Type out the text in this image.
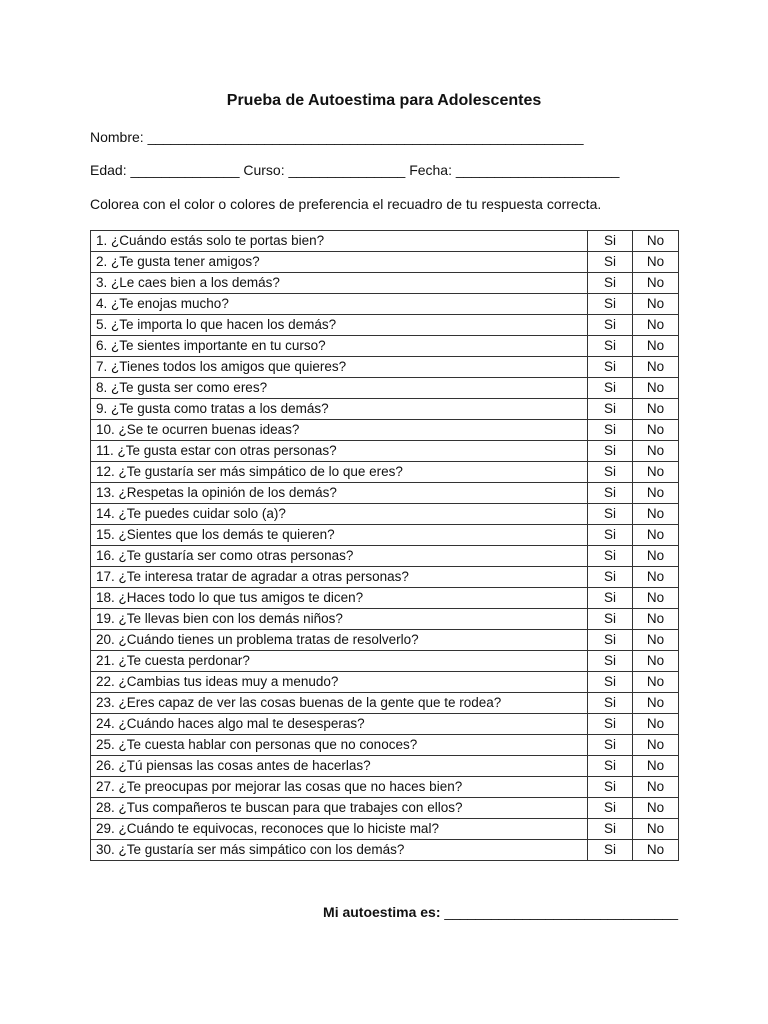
Prueba de Autoestima para Adolescentes
Nombre: ________________________________________________________
Edad: ______________ Curso: _______________ Fecha: _____________________
Colorea con el color o colores de preferencia el recuadro de tu respuesta correcta.
1. ¿Cuándo estás solo te portas bien?	Si	No
2. ¿Te gusta tener amigos?	Si	No
3. ¿Le caes bien a los demás?	Si	No
4. ¿Te enojas mucho?	Si	No
5. ¿Te importa lo que hacen los demás?	Si	No
6. ¿Te sientes importante en tu curso?	Si	No
7. ¿Tienes todos los amigos que quieres?	Si	No
8. ¿Te gusta ser como eres?	Si	No
9. ¿Te gusta como tratas a los demás?	Si	No
10. ¿Se te ocurren buenas ideas?	Si	No
11. ¿Te gusta estar con otras personas?	Si	No
12. ¿Te gustaría ser más simpático de lo que eres?	Si	No
13. ¿Respetas la opinión de los demás?	Si	No
14. ¿Te puedes cuidar solo (a)?	Si	No
15. ¿Sientes que los demás te quieren?	Si	No
16. ¿Te gustaría ser como otras personas?	Si	No
17. ¿Te interesa tratar de agradar a otras personas?	Si	No
18. ¿Haces todo lo que tus amigos te dicen?	Si	No
19. ¿Te llevas bien con los demás niños?	Si	No
20. ¿Cuándo tienes un problema tratas de resolverlo?	Si	No
21. ¿Te cuesta perdonar?	Si	No
22. ¿Cambias tus ideas muy a menudo?	Si	No
23. ¿Eres capaz de ver las cosas buenas de la gente que te rodea?	Si	No
24. ¿Cuándo haces algo mal te desesperas?	Si	No
25. ¿Te cuesta hablar con personas que no conoces?	Si	No
26. ¿Tú piensas las cosas antes de hacerlas?	Si	No
27. ¿Te preocupas por mejorar las cosas que no haces bien?	Si	No
28. ¿Tus compañeros te buscan para que trabajes con ellos?	Si	No
29. ¿Cuándo te equivocas, reconoces que lo hiciste mal?	Si	No
30. ¿Te gustaría ser más simpático con los demás?	Si	No
Mi autoestima es: ______________________________
